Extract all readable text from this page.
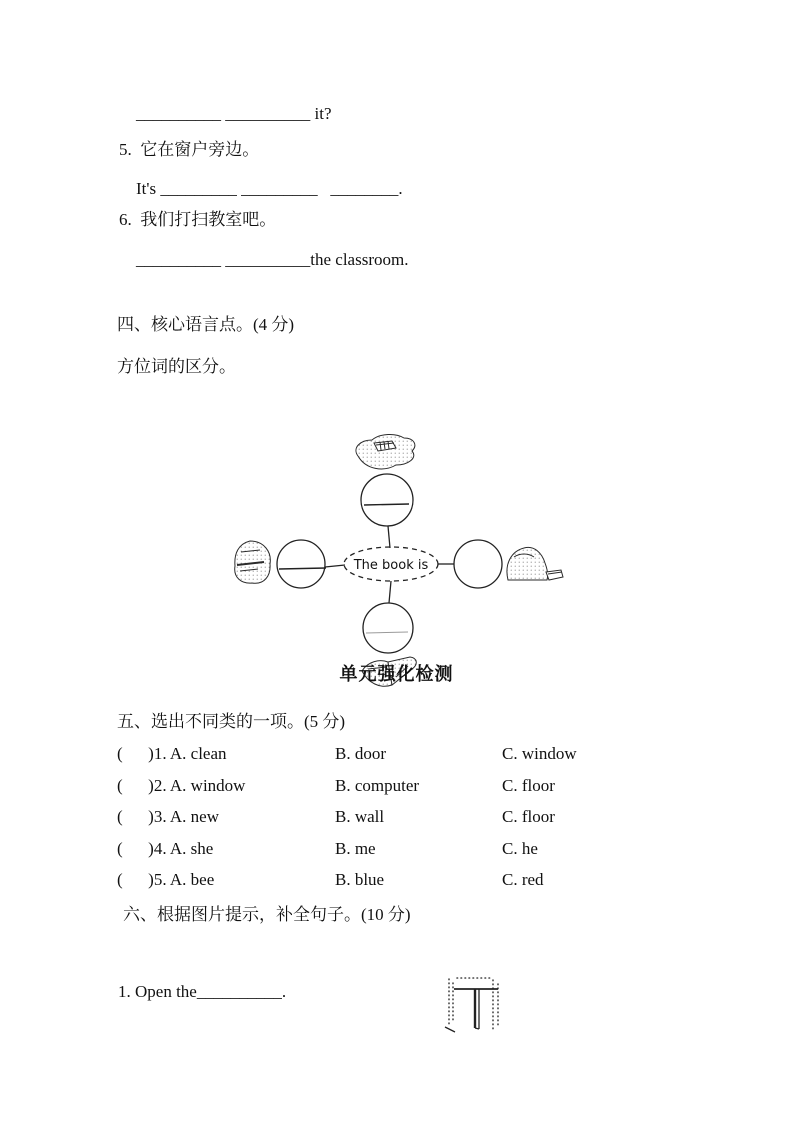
__________ __________ it?
5.  它在窗户旁边。
It's _________ _________   ________.
6.  我们打扫教室吧。
__________ __________the classroom.
四、核心语言点。(4 分)
方位词的区分。

The book is

单元强化检测
五、选出不同类的一项。(5 分)
(      )1. A. clean	B. door	C. window
(      )2. A. window	B. computer	C. floor
(      )3. A. new	B. wall	C. floor
(      )4. A. she	B. me	C. he
(      )5. A. bee	B. blue	C. red
六、根据图片提示，补全句子。(10 分)

1. Open the__________.
